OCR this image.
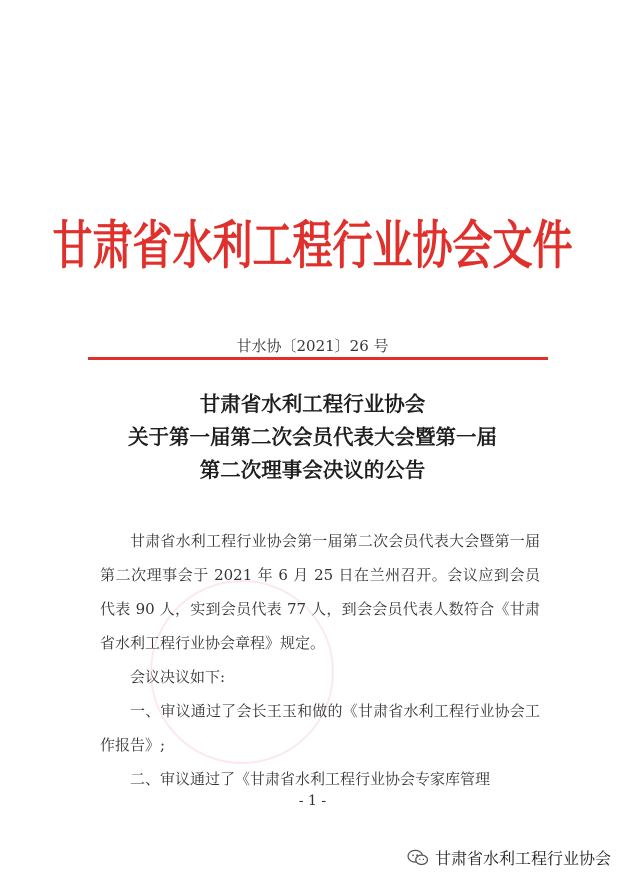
甘肃省水利工程行业协会文件
甘水协〔2021〕26 号
甘肃省水利工程行业协会
关于第一届第二次会员代表大会暨第一届
第二次理事会决议的公告

甘肃省水利工程行业协会第一届第二次会员代表大会暨第一届第二次理事会于 2021 年 6 月 25 日在兰州召开。会议应到会员代表 90 人，实到会员代表 77 人，到会会员代表人数符合《甘肃省水利工程行业协会章程》规定。

会议决议如下:

一、审议通过了会长王玉和做的《甘肃省水利工程行业协会工作报告》;

二、审议通过了《甘肃省水利工程行业协会专家库管理

- 1 -
甘肃省水利工程行业协会
